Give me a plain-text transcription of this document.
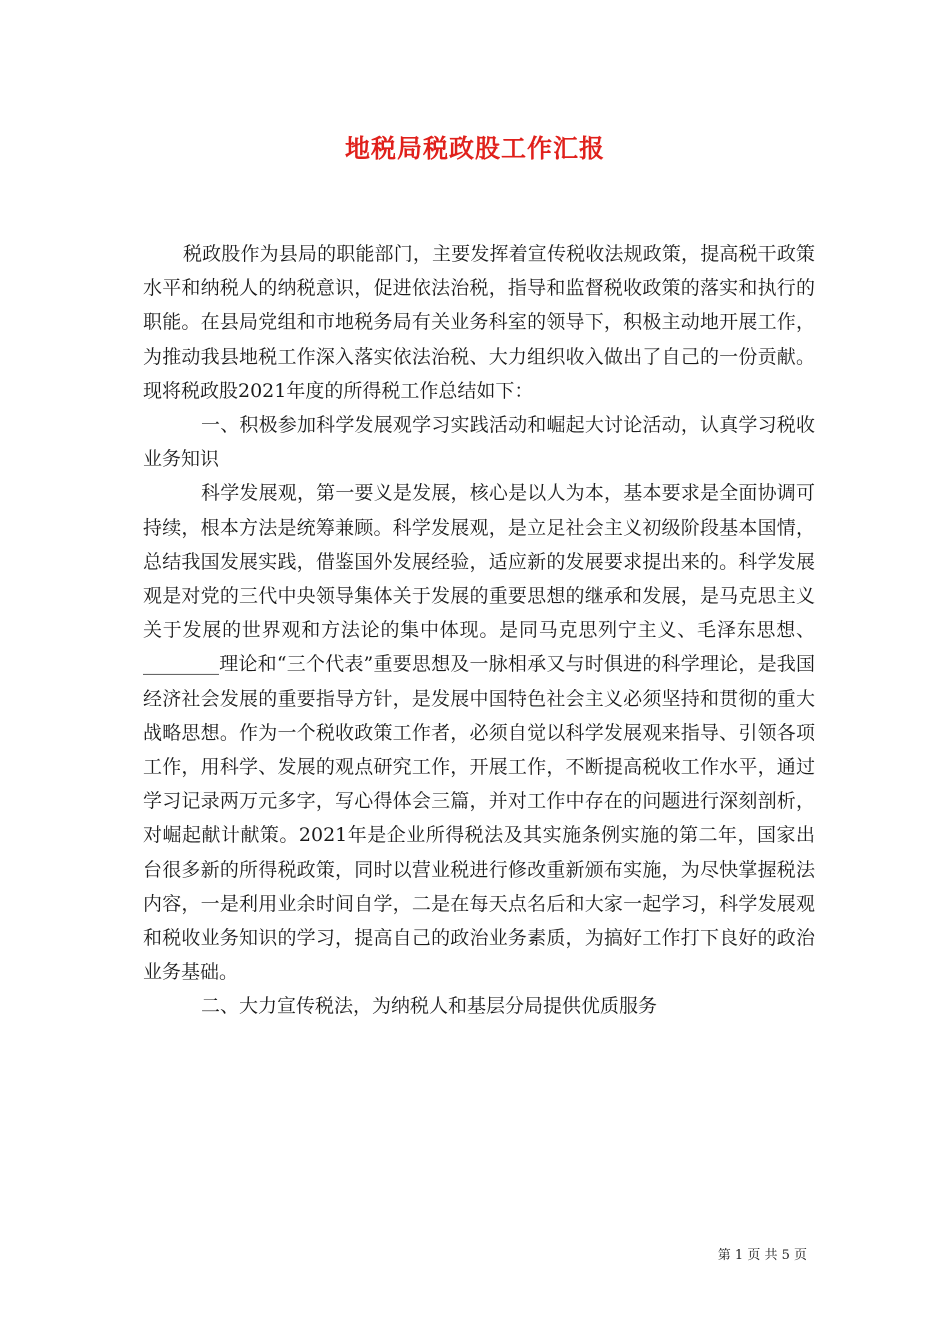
地税局税政股工作汇报

税政股作为县局的职能部门，主要发挥着宣传税收法规政策，提高税干政策水平和纳税人的纳税意识，促进依法治税，指导和监督税收政策的落实和执行的职能。在县局党组和市地税务局有关业务科室的领导下，积极主动地开展工作，为推动我县地税工作深入落实依法治税、大力组织收入做出了自己的一份贡献。现将税政股2021年度的所得税工作总结如下：

一、积极参加科学发展观学习实践活动和崛起大讨论活动，认真学习税收业务知识

科学发展观，第一要义是发展，核心是以人为本，基本要求是全面协调可持续，根本方法是统筹兼顾。科学发展观，是立足社会主义初级阶段基本国情，总结我国发展实践，借鉴国外发展经验，适应新的发展要求提出来的。科学发展观是对党的三代中央领导集体关于发展的重要思想的继承和发展，是马克思主义关于发展的世界观和方法论的集中体现。是同马克思列宁主义、毛泽东思想、________理论和“三个代表”重要思想及一脉相承又与时俱进的科学理论，是我国经济社会发展的重要指导方针，是发展中国特色社会主义必须坚持和贯彻的重大战略思想。作为一个税收政策工作者，必须自觉以科学发展观来指导、引领各项工作，用科学、发展的观点研究工作，开展工作，不断提高税收工作水平，通过学习记录两万元多字，写心得体会三篇，并对工作中存在的问题进行深刻剖析，对崛起献计献策。2021年是企业所得税法及其实施条例实施的第二年，国家出台很多新的所得税政策，同时以营业税进行修改重新颁布实施，为尽快掌握税法内容，一是利用业余时间自学，二是在每天点名后和大家一起学习，科学发展观和税收业务知识的学习，提高自己的政治业务素质，为搞好工作打下良好的政治业务基础。

二、大力宣传税法，为纳税人和基层分局提供优质服务

第 1 页 共 5 页
